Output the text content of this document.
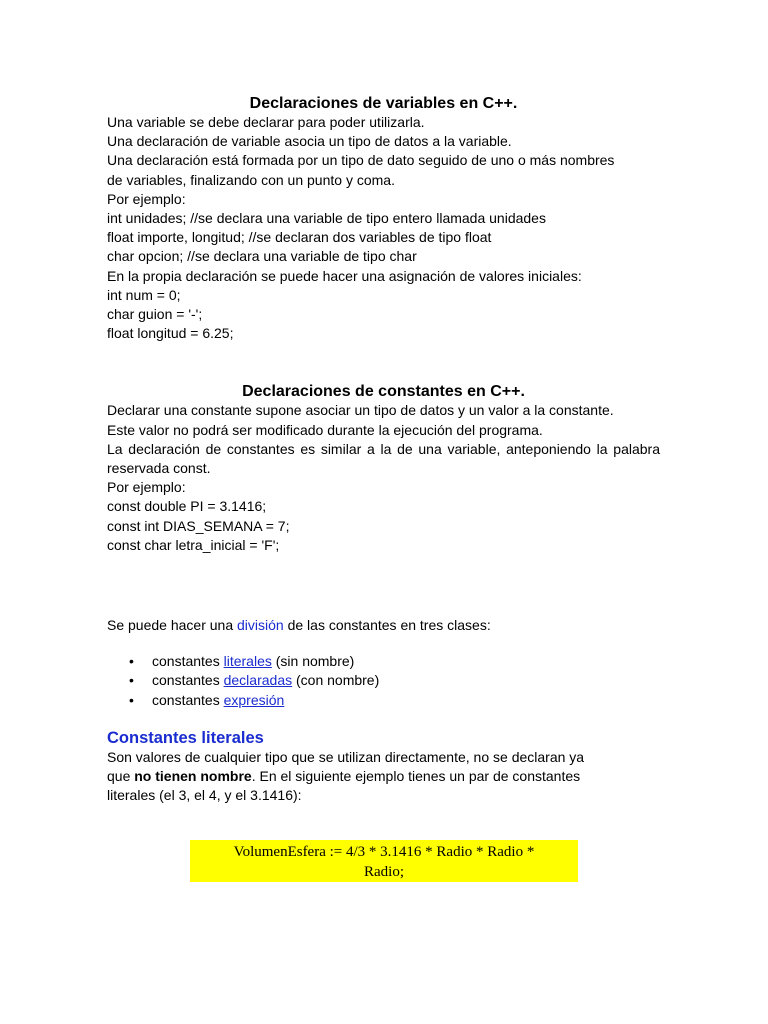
Declaraciones de variables en C++.
Una variable se debe declarar para poder utilizarla.
Una declaración de variable asocia un tipo de datos a la variable.
Una declaración está formada por un tipo de dato seguido de uno o más nombres
de variables, finalizando con un punto y coma.
Por ejemplo:
int unidades; //se declara una variable de tipo entero llamada unidades
float importe, longitud; //se declaran dos variables de tipo float
char opcion; //se declara una variable de tipo char
En la propia declaración se puede hacer una asignación de valores iniciales:
int num = 0;
char guion = '-';
float longitud = 6.25;
Declaraciones de constantes en C++.
Declarar una constante supone asociar un tipo de datos y un valor a la constante.
Este valor no podrá ser modificado durante la ejecución del programa.
La declaración de constantes es similar a la de una variable, anteponiendo la palabra reservada const.
Por ejemplo:
const double PI = 3.1416;
const int DIAS_SEMANA = 7;
const char letra_inicial = 'F';
Se puede hacer una división de las constantes en tres clases:
• constantes literales (sin nombre)
• constantes declaradas (con nombre)
• constantes expresión
Constantes literales
Son valores de cualquier tipo que se utilizan directamente, no se declaran ya
que no tienen nombre. En el siguiente ejemplo tienes un par de constantes
literales (el 3, el 4, y el 3.1416):
VolumenEsfera := 4/3 * 3.1416 * Radio * Radio *
Radio;
